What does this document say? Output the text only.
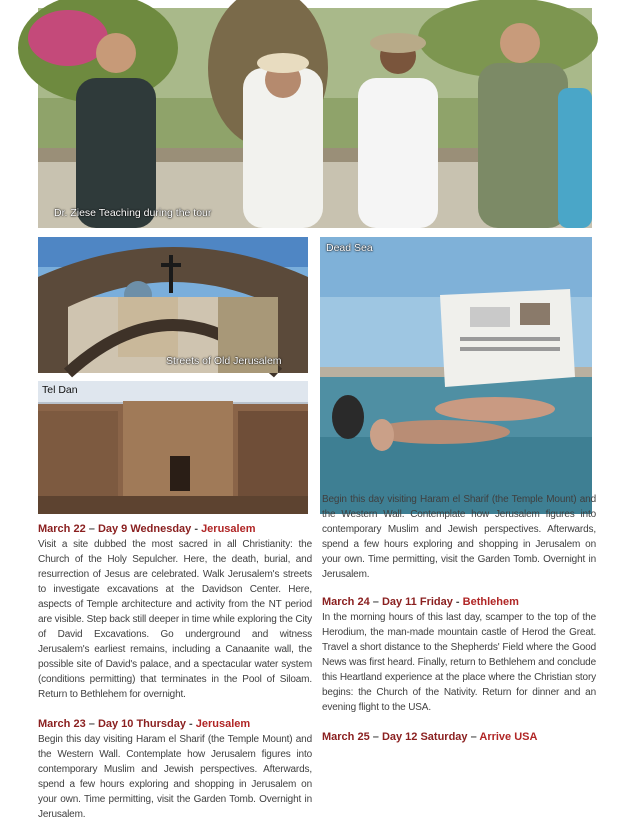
Dr. Ziese Teaching during the tour
Streets of Old Jerusalem
Tel Dan
Dead Sea

March 22 – Day 9 Wednesday - Jerusalem

Visit a site dubbed the most sacred in all Christianity: the Church of the Holy Sepulcher. Here, the death, burial, and resurrection of Jesus are celebrated. Walk Jerusalem's streets to investigate excavations at the Davidson Center. Here, aspects of Temple architecture and activity from the NT period are visible. Step back still deeper in time while exploring the City of David Excavations. Go underground and witness Jerusalem's earliest remains, including a Canaanite wall, the possible site of David's palace, and a spectacular water system (conditions permitting) that terminates in the Pool of Siloam. Return to Bethlehem for overnight.

March 23 – Day 10 Thursday - Jerusalem

Begin this day visiting Haram el Sharif (the Temple Mount) and the Western Wall. Contemplate how Jerusalem figures into contemporary Muslim and Jewish perspectives. Afterwards, spend a few hours exploring and shopping in Jerusalem on your own. Time permitting, visit the Garden Tomb. Overnight in Jerusalem.

Begin this day visiting Haram el Sharif (the Temple Mount) and the Western Wall. Contemplate how Jerusalem figures into contemporary Muslim and Jewish perspectives. Afterwards, spend a few hours exploring and shopping in Jerusalem on your own. Time permitting, visit the Garden Tomb. Overnight in Jerusalem.

March 24 – Day 11 Friday - Bethlehem

In the morning hours of this last day, scamper to the top of the Herodium, the man-made mountain castle of Herod the Great. Travel a short distance to the Shepherds' Field where the Good News was first heard. Finally, return to Bethlehem and conclude this Heartland experience at the place where the Christian story begins: the Church of the Nativity. Return for dinner and an evening flight to the USA.

March 25 – Day 12 Saturday – Arrive USA
